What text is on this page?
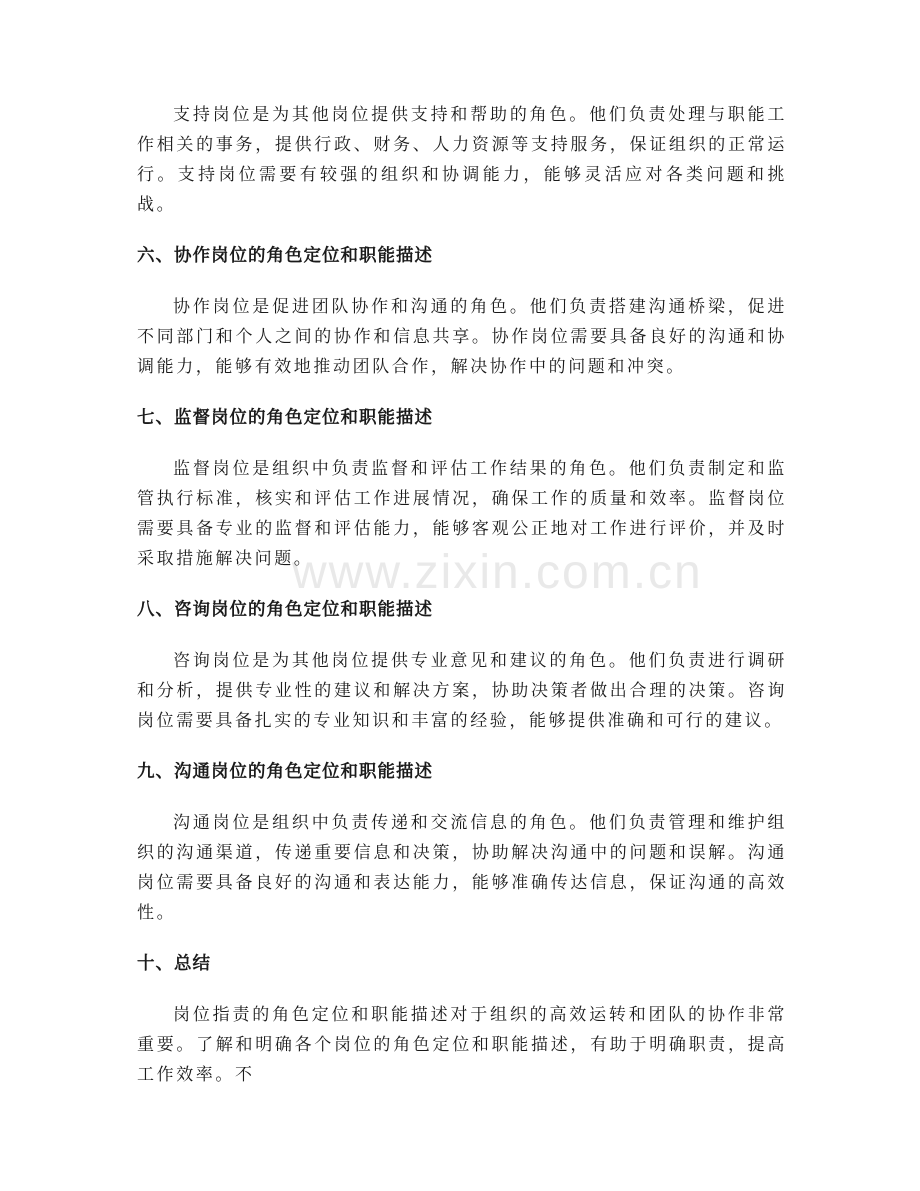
www.zixin.com.cn

支持岗位是为其他岗位提供支持和帮助的角色。他们负责处理与职能工作相关的事务，提供行政、财务、人力资源等支持服务，保证组织的正常运行。支持岗位需要有较强的组织和协调能力，能够灵活应对各类问题和挑战。

六、协作岗位的角色定位和职能描述

协作岗位是促进团队协作和沟通的角色。他们负责搭建沟通桥梁，促进不同部门和个人之间的协作和信息共享。协作岗位需要具备良好的沟通和协调能力，能够有效地推动团队合作，解决协作中的问题和冲突。

七、监督岗位的角色定位和职能描述

监督岗位是组织中负责监督和评估工作结果的角色。他们负责制定和监管执行标准，核实和评估工作进展情况，确保工作的质量和效率。监督岗位需要具备专业的监督和评估能力，能够客观公正地对工作进行评价，并及时采取措施解决问题。

八、咨询岗位的角色定位和职能描述

咨询岗位是为其他岗位提供专业意见和建议的角色。他们负责进行调研和分析，提供专业性的建议和解决方案，协助决策者做出合理的决策。咨询岗位需要具备扎实的专业知识和丰富的经验，能够提供准确和可行的建议。

九、沟通岗位的角色定位和职能描述

沟通岗位是组织中负责传递和交流信息的角色。他们负责管理和维护组织的沟通渠道，传递重要信息和决策，协助解决沟通中的问题和误解。沟通岗位需要具备良好的沟通和表达能力，能够准确传达信息，保证沟通的高效性。

十、总结

岗位指责的角色定位和职能描述对于组织的高效运转和团队的协作非常重要。了解和明确各个岗位的角色定位和职能描述，有助于明确职责，提高工作效率。不
